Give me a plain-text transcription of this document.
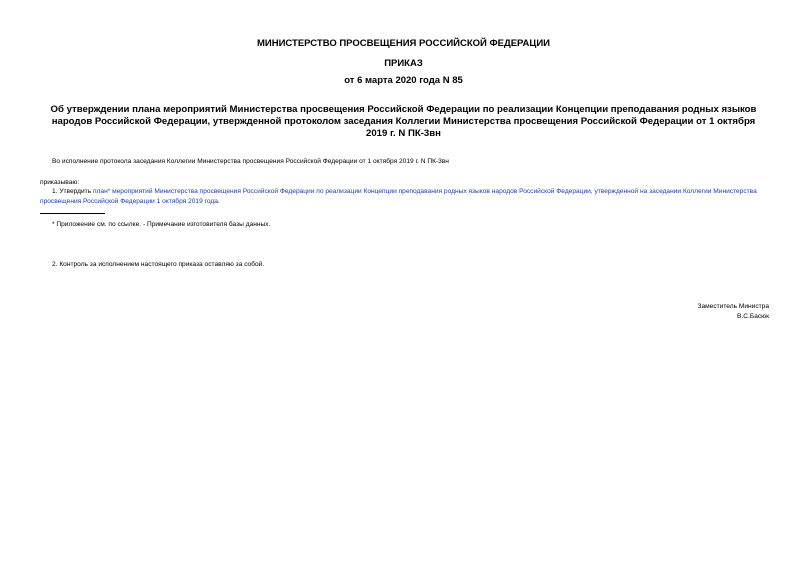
МИНИСТЕРСТВО ПРОСВЕЩЕНИЯ РОССИЙСКОЙ ФЕДЕРАЦИИ
ПРИКАЗ
от 6 марта 2020 года N 85
Об утверждении плана мероприятий Министерства просвещения Российской Федерации по реализации Концепции преподавания родных языков народов Российской Федерации, утвержденной протоколом заседания Коллегии Министерства просвещения Российской Федерации от 1 октября 2019 г. N ПК-3вн
Во исполнение протокола заседания Коллегии Министерства просвещения Российской Федерации от 1 октября 2019 г. N ПК-3вн
приказываю:
1. Утвердить план* мероприятий Министерства просвещения Российской Федерации по реализации Концепции преподавания родных языков народов Российской Федерации, утвержденной на заседании Коллегии Министерства просвещения Российской Федерации 1 октября 2019 года.
* Приложение см. по ссылке. - Примечание изготовителя базы данных.
2. Контроль за исполнением настоящего приказа оставляю за собой.
Заместитель Министра
В.С.Басюк
